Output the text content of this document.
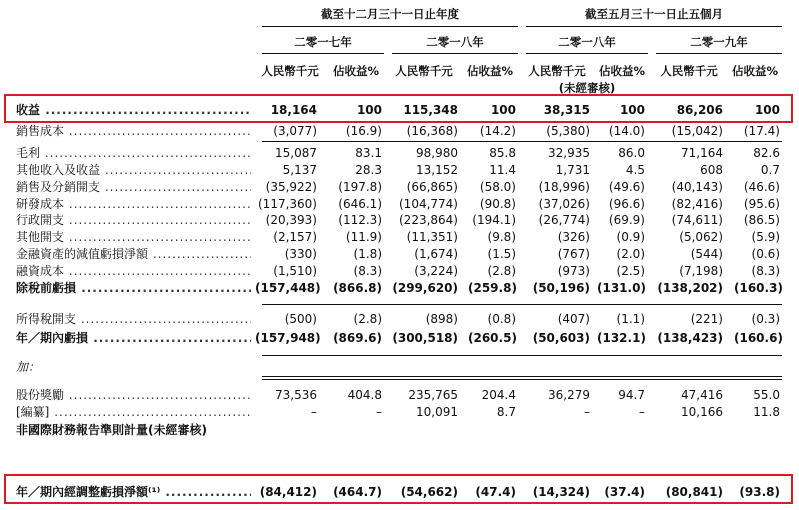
截至十二月三十一日止年度	截至五月三十一日止五個月
二零一七年	二零一八年	二零一八年	二零一九年
人民幣千元	佔收益%	人民幣千元	佔收益%	人民幣千元	佔收益%	人民幣千元	佔收益%
(未經審核)
收益 .....	18,164	100	115,348	100	38,315	100	86,206	100
銷售成本 .....	(3,077)	(16.9)	(16,368)	(14.2)	(5,380)	(14.0)	(15,042)	(17.4)
毛利 .....	15,087	83.1	98,980	85.8	32,935	86.0	71,164	82.6
其他收入及收益 .....	5,137	28.3	13,152	11.4	1,731	4.5	608	0.7
銷售及分銷開支 .....	(35,922)	(197.8)	(66,865)	(58.0)	(18,996)	(49.6)	(40,143)	(46.6)
研發成本 .....	(117,360)	(646.1)	(104,774)	(90.8)	(37,026)	(96.6)	(82,416)	(95.6)
行政開支 .....	(20,393)	(112.3)	(223,864)	(194.1)	(26,774)	(69.9)	(74,611)	(86.5)
其他開支 .....	(2,157)	(11.9)	(11,351)	(9.8)	(326)	(0.9)	(5,062)	(5.9)
金融資產的減值虧損淨額 .....	(330)	(1.8)	(1,674)	(1.5)	(767)	(2.0)	(544)	(0.6)
融資成本 .....	(1,510)	(8.3)	(3,224)	(2.8)	(973)	(2.5)	(7,198)	(8.3)
除稅前虧損 .....	(157,448) (866.8) (299,620) (259.8)	(50,196) (131.0) (138,202) (160.3)
所得稅開支 .....	(500)	(2.8)	(898)	(0.8)	(407)	(1.1)	(221)	(0.3)
年／期內虧損 .....	(157,948) (869.6) (300,518) (260.5)	(50,603) (132.1) (138,423) (160.6)
加：
股份獎勵 .....	73,536	404.8	235,765	204.4	36,279	94.7	47,416	55.0
[編纂] .....	–	–	10,091	8.7	–	–	10,166	11.8
非國際財務報告準則計量(未經審核)
年／期內經調整虧損淨額⁽¹⁾ .....	(84,412) (464.7)	(54,662)	(47.4)	(14,324)	(37.4)	(80,841)	(93.8)
